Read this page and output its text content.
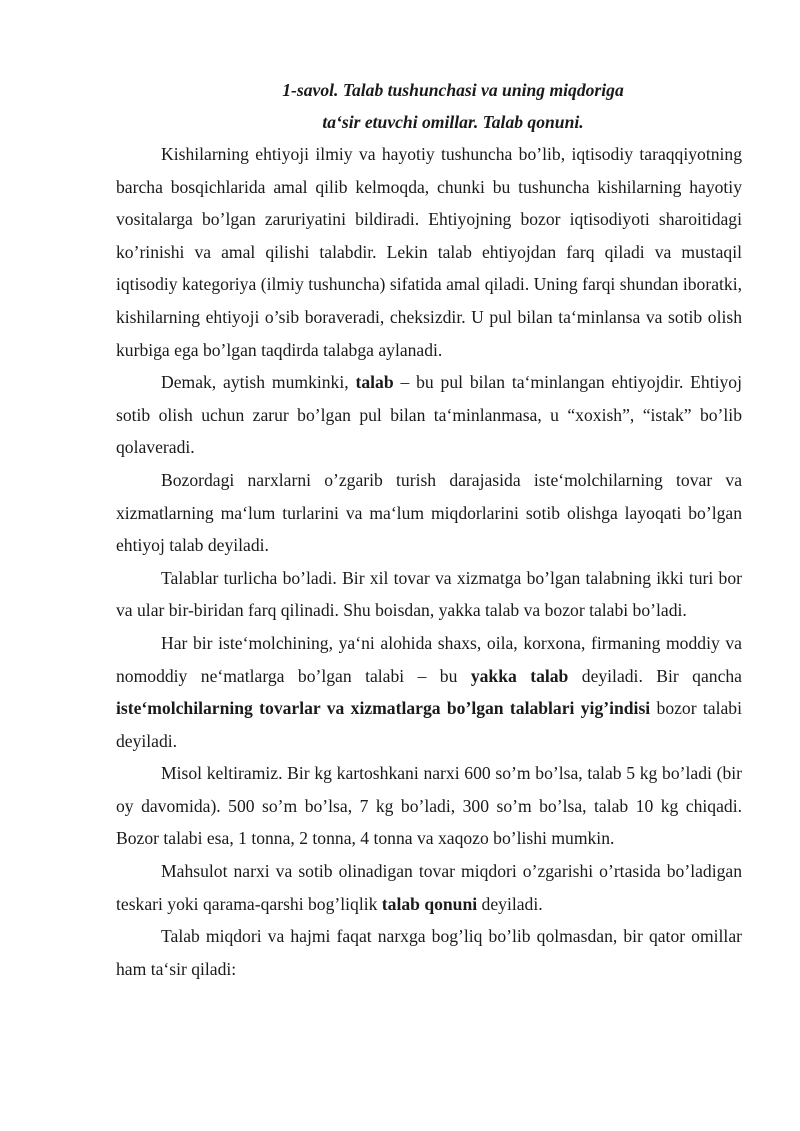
1-savol. Talab tushunchasi va uning miqdoriga
ta‘sir etuvchi omillar. Talab qonuni.

Kishilarning ehtiyoji ilmiy va hayotiy tushuncha bo’lib, iqtisodiy taraqqiyotning barcha bosqichlarida amal qilib kelmoqda, chunki bu tushuncha kishilarning hayotiy vositalarga bo’lgan zaruriyatini bildiradi. Ehtiyojning bozor iqtisodiyoti sharoitidagi ko’rinishi va amal qilishi talabdir. Lekin talab ehtiyojdan farq qiladi va mustaqil iqtisodiy kategoriya (ilmiy tushuncha) sifatida amal qiladi. Uning farqi shundan iboratki, kishilarning ehtiyoji o’sib boraveradi, cheksizdir. U pul bilan ta‘minlansa va sotib olish kurbiga ega bo’lgan taqdirda talabga aylanadi.

Demak, aytish mumkinki, talab – bu pul bilan ta‘minlangan ehtiyojdir. Ehtiyoj sotib olish uchun zarur bo’lgan pul bilan ta‘minlanmasa, u “xoxish”, “istak” bo’lib qolaveradi.

Bozordagi narxlarni o’zgarib turish darajasida iste‘molchilarning tovar va xizmatlarning ma‘lum turlarini va ma‘lum miqdorlarini sotib olishga layoqati bo’lgan ehtiyoj talab deyiladi.

Talablar turlicha bo’ladi. Bir xil tovar va xizmatga bo’lgan talabning ikki turi bor va ular bir-biridan farq qilinadi. Shu boisdan, yakka talab va bozor talabi bo’ladi.

Har bir iste‘molchining, ya‘ni alohida shaxs, oila, korxona, firmaning moddiy va nomoddiy ne‘matlarga bo’lgan talabi – bu yakka talab deyiladi. Bir qancha iste‘molchilarning tovarlar va xizmatlarga bo’lgan talablari yig’indisi bozor talabi deyiladi.

Misol keltiramiz. Bir kg kartoshkani narxi 600 so’m bo’lsa, talab 5 kg bo’ladi (bir oy davomida). 500 so’m bo’lsa, 7 kg bo’ladi, 300 so’m bo’lsa, talab 10 kg chiqadi. Bozor talabi esa, 1 tonna, 2 tonna, 4 tonna va xaqozo bo’lishi mumkin.

Mahsulot narxi va sotib olinadigan tovar miqdori o’zgarishi o’rtasida bo’ladigan teskari yoki qarama-qarshi bog’liqlik talab qonuni deyiladi.

Talab miqdori va hajmi faqat narxga bog’liq bo’lib qolmasdan, bir qator omillar ham ta‘sir qiladi:
